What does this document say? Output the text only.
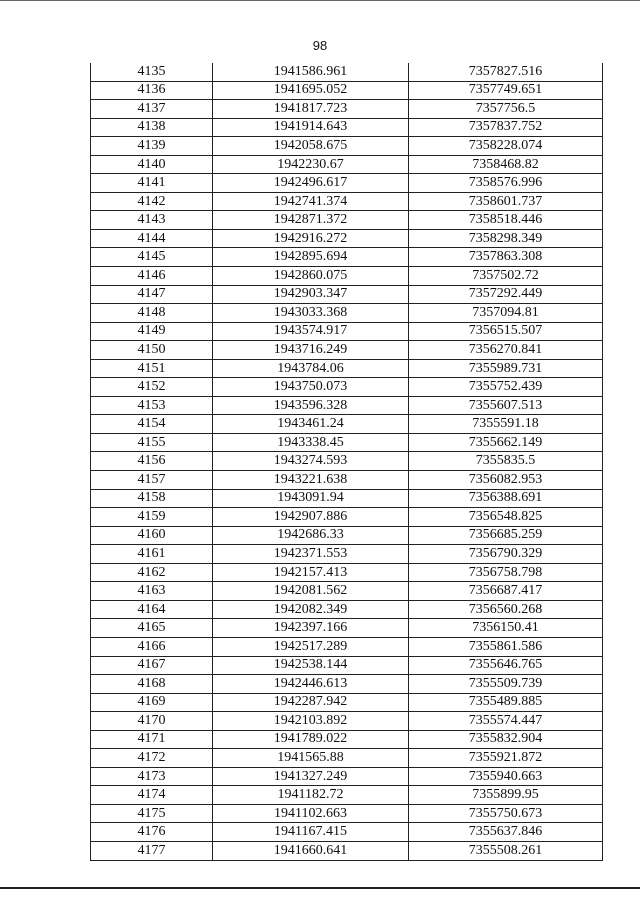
98
4135	1941586.961	7357827.516
4136	1941695.052	7357749.651
4137	1941817.723	7357756.5
4138	1941914.643	7357837.752
4139	1942058.675	7358228.074
4140	1942230.67	7358468.82
4141	1942496.617	7358576.996
4142	1942741.374	7358601.737
4143	1942871.372	7358518.446
4144	1942916.272	7358298.349
4145	1942895.694	7357863.308
4146	1942860.075	7357502.72
4147	1942903.347	7357292.449
4148	1943033.368	7357094.81
4149	1943574.917	7356515.507
4150	1943716.249	7356270.841
4151	1943784.06	7355989.731
4152	1943750.073	7355752.439
4153	1943596.328	7355607.513
4154	1943461.24	7355591.18
4155	1943338.45	7355662.149
4156	1943274.593	7355835.5
4157	1943221.638	7356082.953
4158	1943091.94	7356388.691
4159	1942907.886	7356548.825
4160	1942686.33	7356685.259
4161	1942371.553	7356790.329
4162	1942157.413	7356758.798
4163	1942081.562	7356687.417
4164	1942082.349	7356560.268
4165	1942397.166	7356150.41
4166	1942517.289	7355861.586
4167	1942538.144	7355646.765
4168	1942446.613	7355509.739
4169	1942287.942	7355489.885
4170	1942103.892	7355574.447
4171	1941789.022	7355832.904
4172	1941565.88	7355921.872
4173	1941327.249	7355940.663
4174	1941182.72	7355899.95
4175	1941102.663	7355750.673
4176	1941167.415	7355637.846
4177	1941660.641	7355508.261
